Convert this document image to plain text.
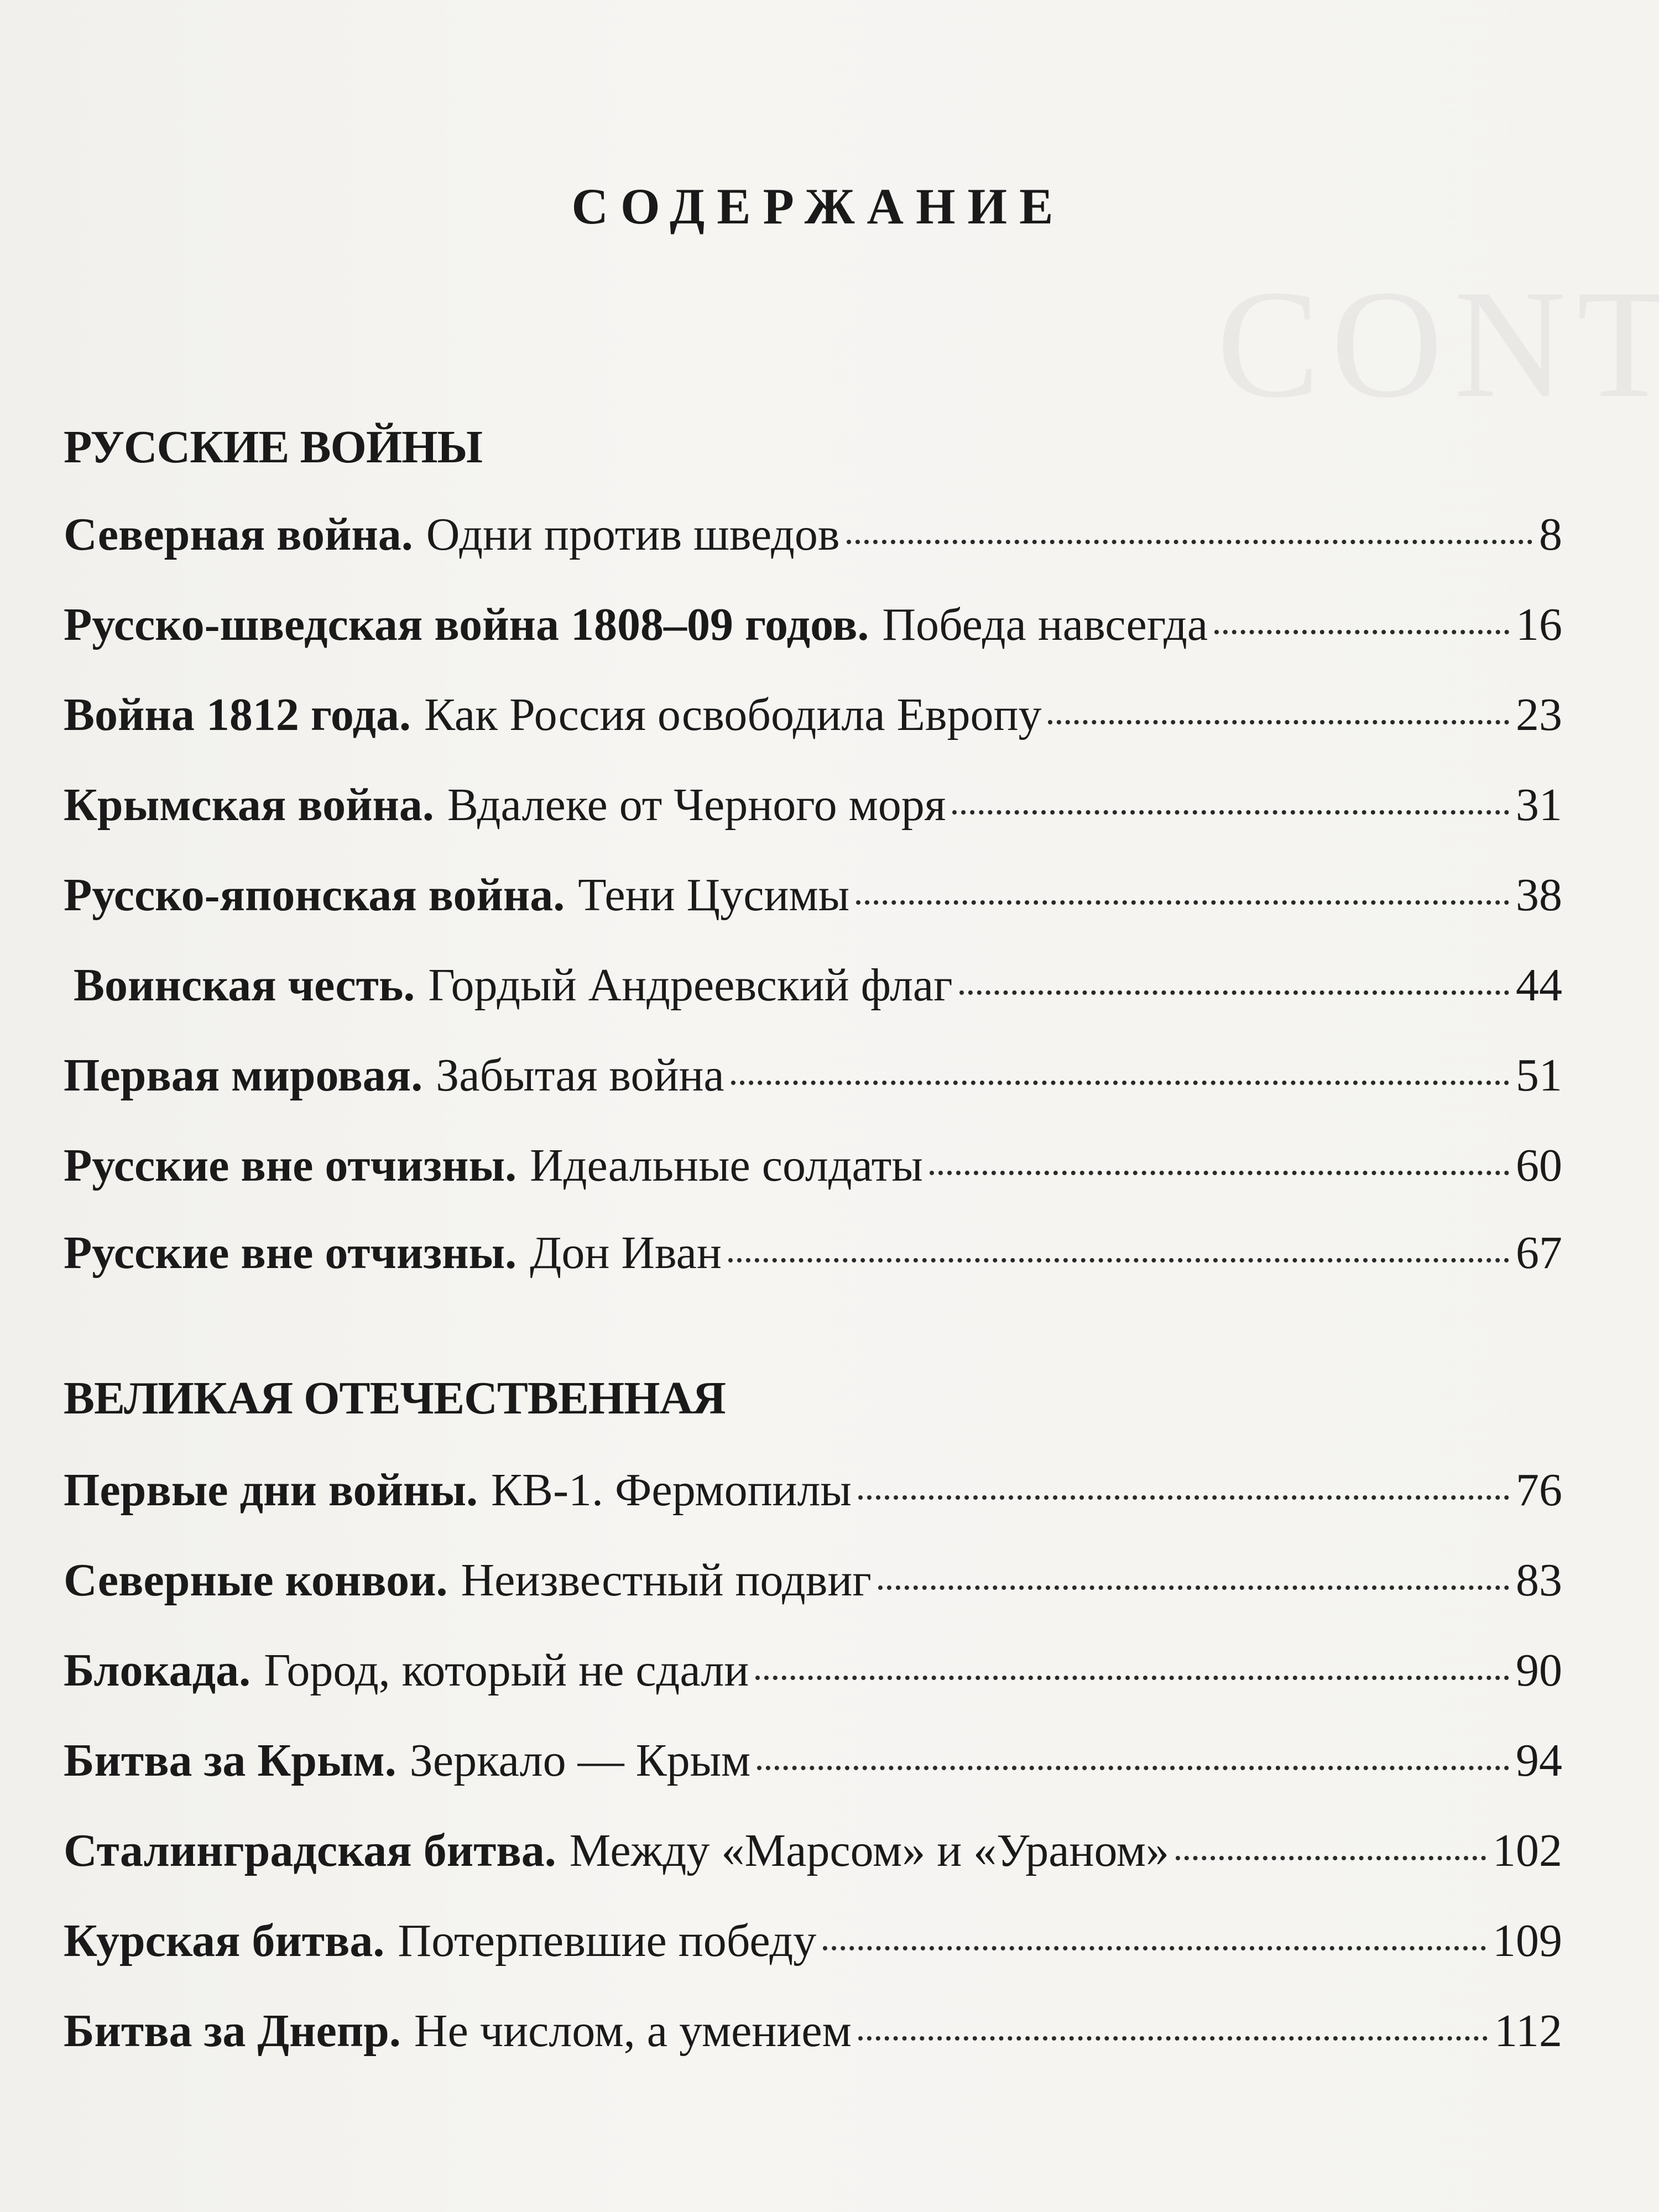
СОДЕРЖАНИЕ
РУССКИЕ ВОЙНЫ
Северная война. Одни против шведов	8
Русско-шведская война 1808–09 годов. Победа навсегда	16
Война 1812 года. Как Россия освободила Европу	23
Крымская война. Вдалеке от Черного моря	31
Русско-японская война. Тени Цусимы	38
Воинская честь. Гордый Андреевский флаг	44
Первая мировая. Забытая война	51
Русские вне отчизны. Идеальные солдаты	60
Русские вне отчизны. Дон Иван	67
ВЕЛИКАЯ ОТЕЧЕСТВЕННАЯ
Первые дни войны. КВ-1. Фермопилы	76
Северные конвои. Неизвестный подвиг	83
Блокада. Город, который не сдали	90
Битва за Крым. Зеркало — Крым	94
Сталинградская битва. Между «Марсом» и «Ураном»	102
Курская битва. Потерпевшие победу	109
Битва за Днепр. Не числом, а умением	112
